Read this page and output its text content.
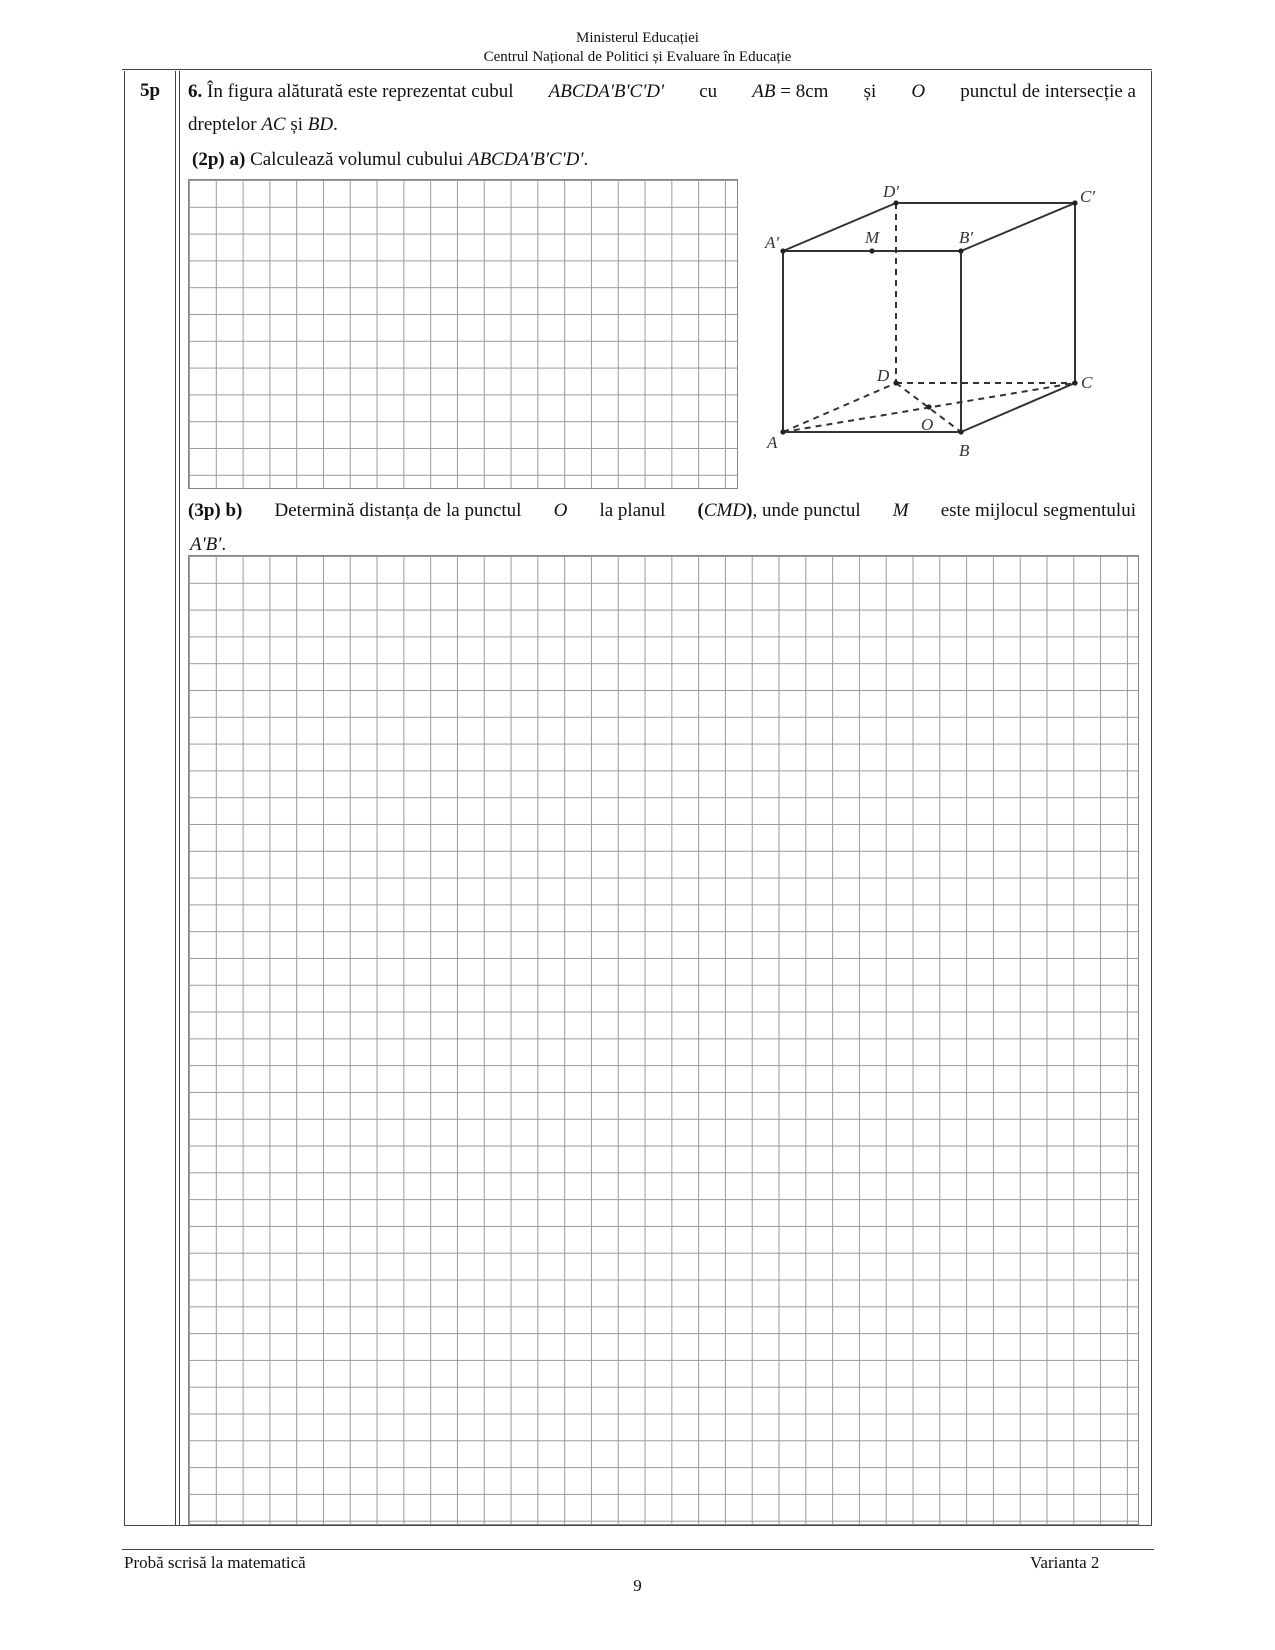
Ministerul Educației
Centrul Național de Politici și Evaluare în Educație
5p	6. În figura alăturată este reprezentat cubul ABCDA'B'C'D' cu AB = 8cm și O punctul de intersecție a
dreptelor AC și BD.
(2p) a) Calculează volumul cubului ABCDA'B'C'D'.
A′	M	B′
D′	C′
D	C
O
A	B
(3p) b) Determină distanța de la punctul O la planul (CMD), unde punctul M este mijlocul segmentului
A'B'.
Probă scrisă la matematică	Varianta 2
9
